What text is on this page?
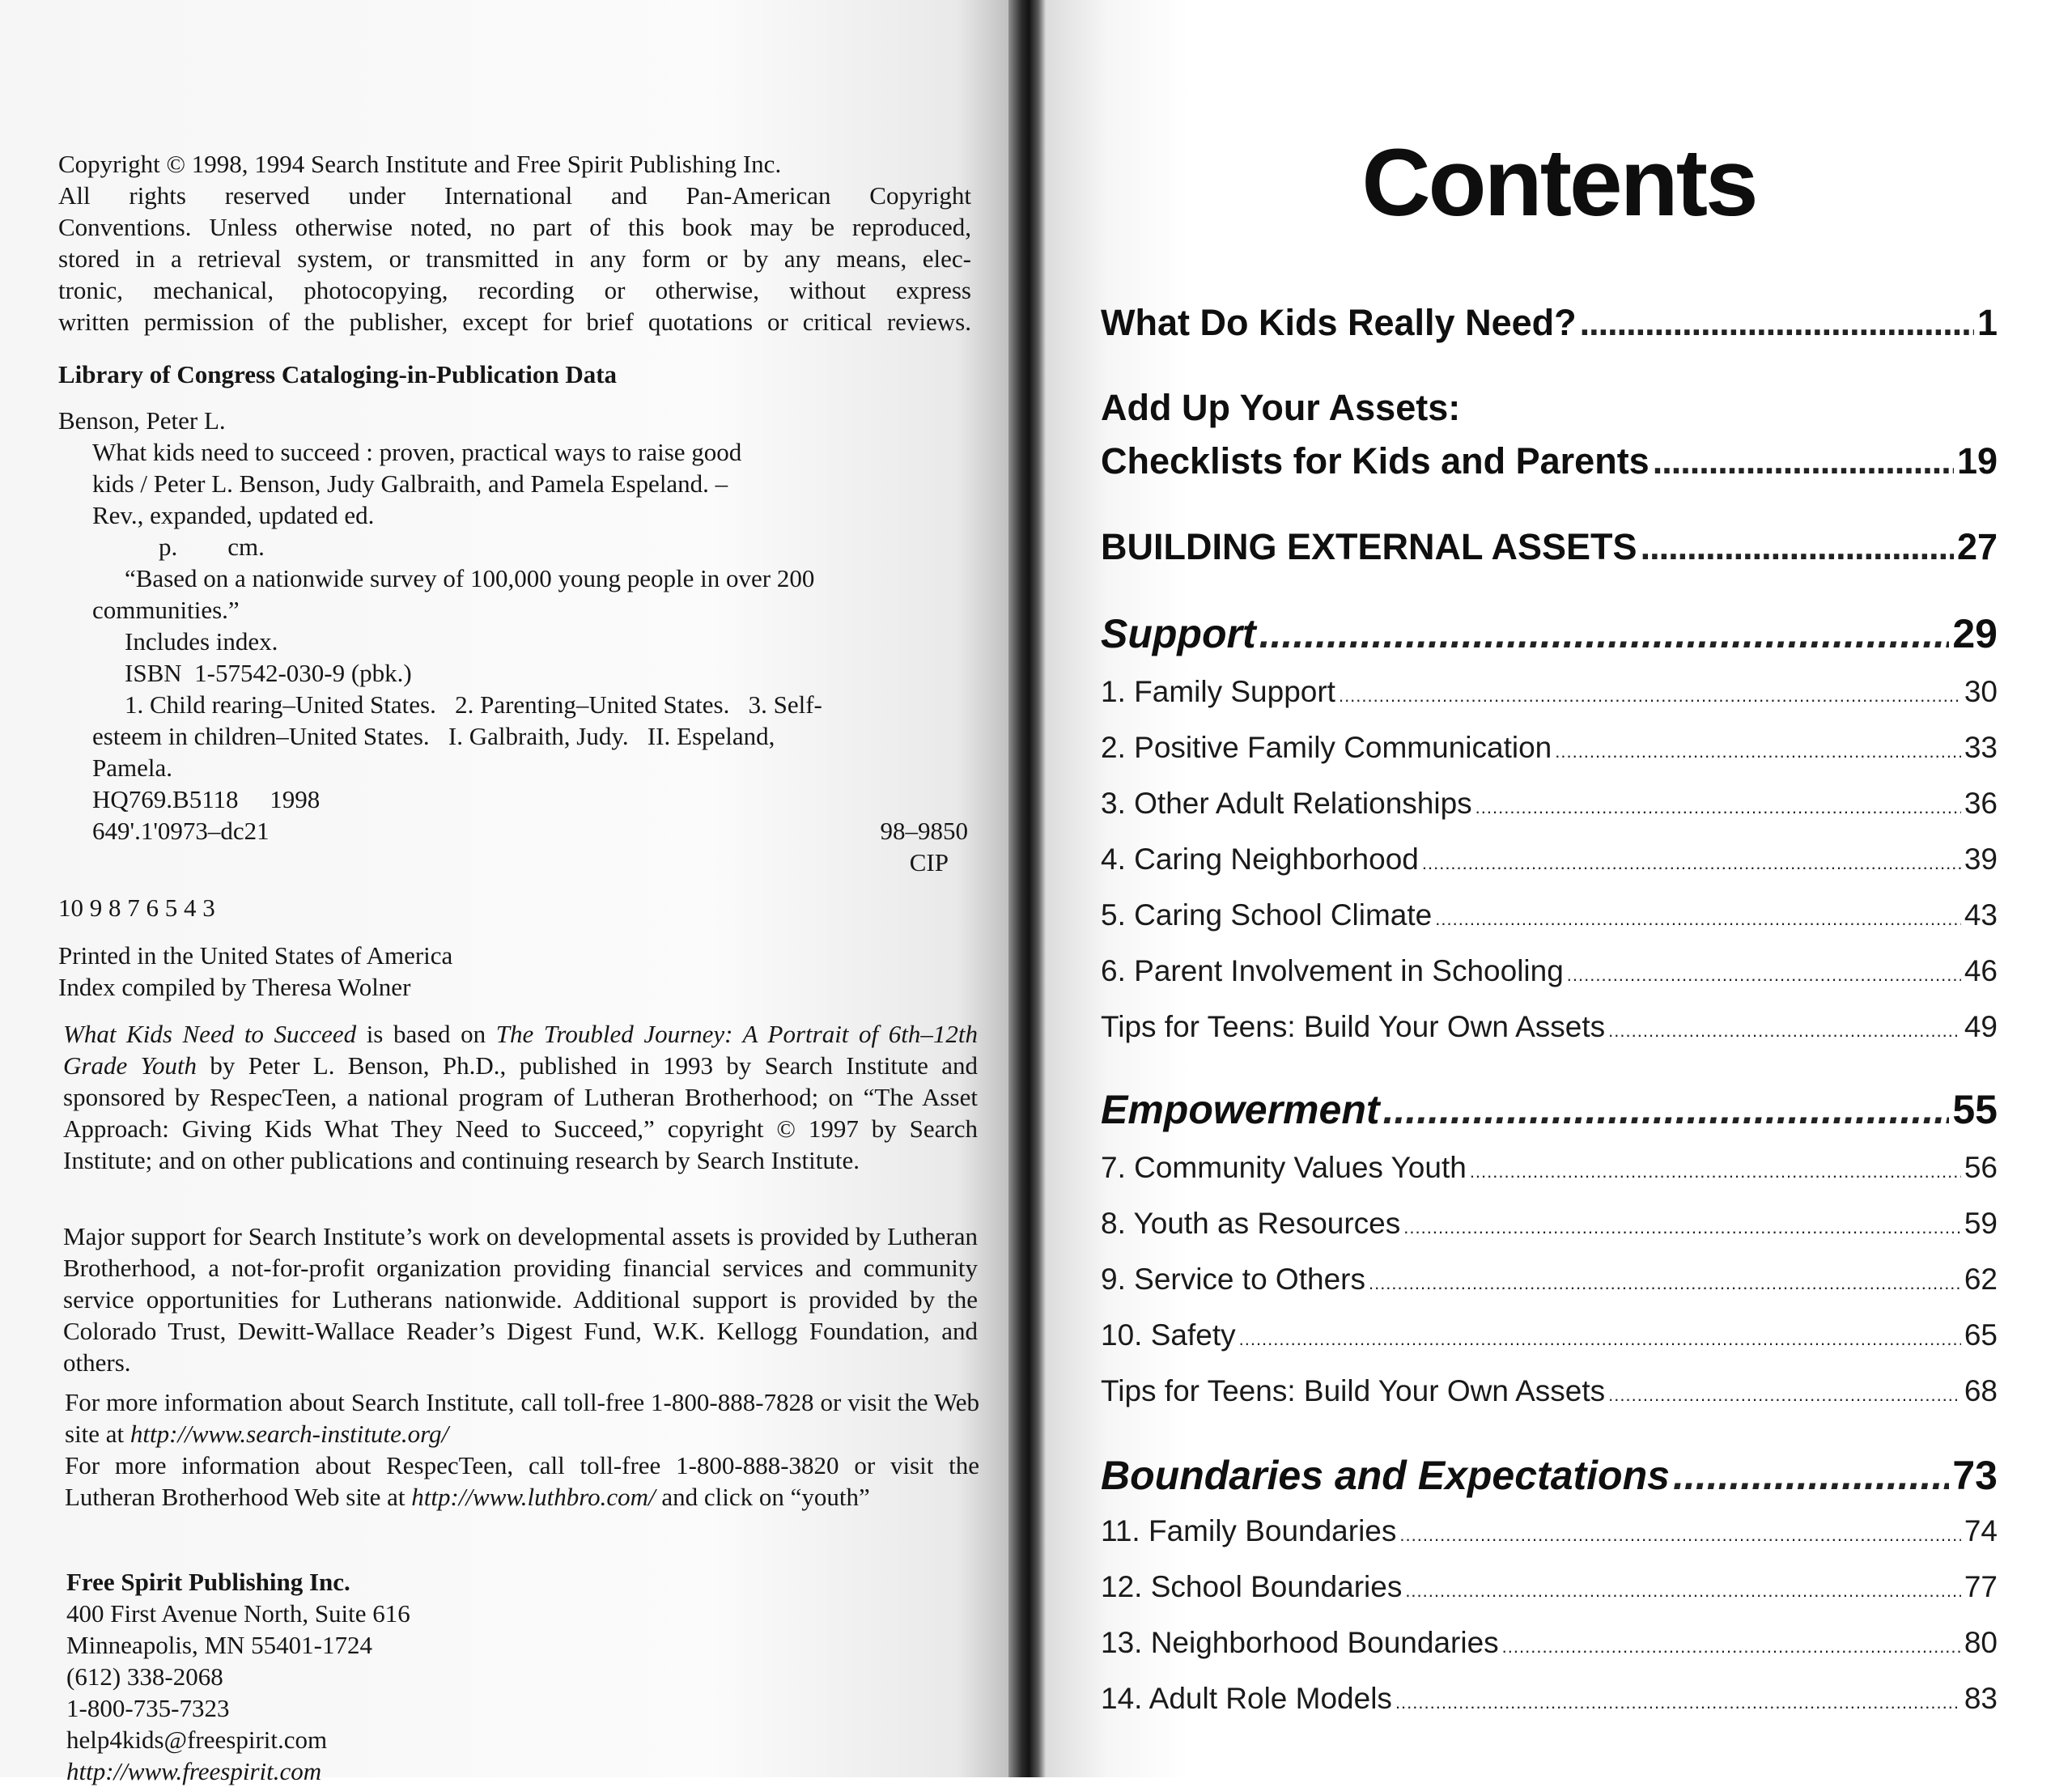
Copyright © 1998, 1994 Search Institute and Free Spirit Publishing Inc.
All rights reserved under International and Pan-American Copyright
Conventions. Unless otherwise noted, no part of this book may be reproduced,
stored in a retrieval system, or transmitted in any form or by any means, elec-
tronic, mechanical, photocopying, recording or otherwise, without express
written permission of the publisher, except for brief quotations or critical reviews.
Library of Congress Cataloging-in-Publication Data
Benson, Peter L.
What kids need to succeed : proven, practical ways to raise good
kids / Peter L. Benson, Judy Galbraith, and Pamela Espeland. –
Rev., expanded, updated ed.
p.        cm.
“Based on a nationwide survey of 100,000 young people in over 200
communities.”
Includes index.
ISBN  1-57542-030-9 (pbk.)
1. Child rearing–United States.   2. Parenting–United States.   3. Self-
esteem in children–United States.   I. Galbraith, Judy.   II. Espeland,
Pamela.
HQ769.B5118     1998
649'.1'0973–dc21	98–9850
CIP
10 9 8 7 6 5 4 3
Printed in the United States of America
Index compiled by Theresa Wolner
What Kids Need to Succeed is based on The Troubled Journey: A Portrait of 6th–12th Grade Youth by Peter L. Benson, Ph.D., published in 1993 by Search Institute and sponsored by RespecTeen, a national program of Lutheran Brotherhood; on “The Asset Approach: Giving Kids What They Need to Succeed,” copyright © 1997 by Search Institute; and on other publications and continuing research by Search Institute.
Major support for Search Institute’s work on developmental assets is provided by Lutheran Brotherhood, a not-for-profit organization providing financial services and community service opportunities for Lutherans nationwide. Additional support is provided by the Colorado Trust, Dewitt-Wallace Reader’s Digest Fund, W.K. Kellogg Foundation, and others.
For more information about Search Institute, call toll-free 1-800-888-7828 or visit the Web site at http://www.search-institute.org/
For more information about RespecTeen, call toll-free 1-800-888-3820 or visit the Lutheran Brotherhood Web site at http://www.luthbro.com/ and click on “youth”
Free Spirit Publishing Inc.
400 First Avenue North, Suite 616
Minneapolis, MN 55401-1724
(612) 338-2068
1-800-735-7323
help4kids@freespirit.com
http://www.freespirit.com
Contents
What Do Kids Really Need? .....	1
Add Up Your Assets:
Checklists for Kids and Parents .....	19
BUILDING EXTERNAL ASSETS .....	27
Support .....	29
1. Family Support .....	30
2. Positive Family Communication .....	33
3. Other Adult Relationships .....	36
4. Caring Neighborhood .....	39
5. Caring School Climate .....	43
6. Parent Involvement in Schooling .....	46
Tips for Teens: Build Your Own Assets .....	49
Empowerment .....	55
7. Community Values Youth .....	56
8. Youth as Resources .....	59
9. Service to Others .....	62
10. Safety .....	65
Tips for Teens: Build Your Own Assets .....	68
Boundaries and Expectations .....	73
11. Family Boundaries .....	74
12. School Boundaries .....	77
13. Neighborhood Boundaries .....	80
14. Adult Role Models .....	83
